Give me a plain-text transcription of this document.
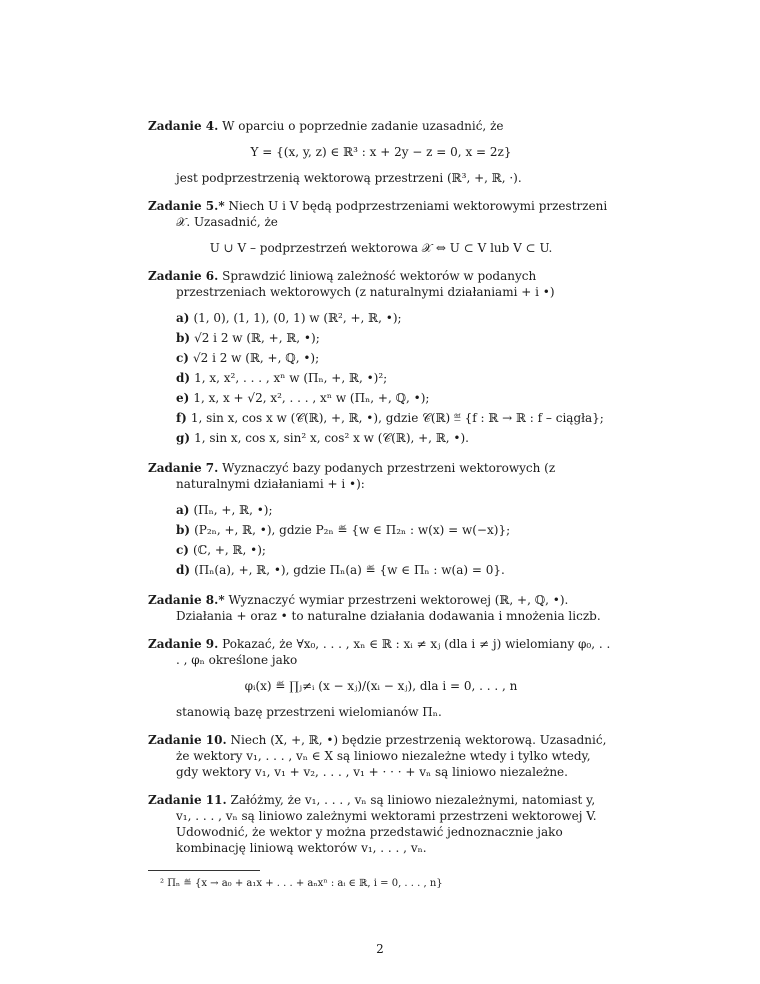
Zadanie 4. W oparciu o poprzednie zadanie uzasadnić, że
Y = {(x, y, z) ∈ ℝ³ : x + 2y − z = 0, x = 2z}
jest podprzestrzenią wektorową przestrzeni (ℝ³, +, ℝ, ·).
Zadanie 5.* Niech U i V będą podprzestrzeniami wektorowymi przestrzeni 𝒳. Uzasadnić, że
U ∪ V – podprzestrzeń wektorowa 𝒳 ⇔ U ⊂ V lub V ⊂ U.
Zadanie 6. Sprawdzić liniową zależność wektorów w podanych przestrzeniach wektorowych (z naturalnymi działaniami + i •)
a) (1, 0), (1, 1), (0, 1) w (ℝ², +, ℝ, •);
b) √2 i 2 w (ℝ, +, ℝ, •);
c) √2 i 2 w (ℝ, +, ℚ, •);
d) 1, x, x², . . . , xⁿ w (Πₙ, +, ℝ, •)²;
e) 1, x, x + √2, x², . . . , xⁿ w (Πₙ, +, ℚ, •);
f) 1, sin x, cos x w (𝒞(ℝ), +, ℝ, •), gdzie 𝒞(ℝ) ≝ {f : ℝ → ℝ : f – ciągła};
g) 1, sin x, cos x, sin² x, cos² x w (𝒞(ℝ), +, ℝ, •).
Zadanie 7. Wyznaczyć bazy podanych przestrzeni wektorowych (z naturalnymi działaniami + i •):
a) (Πₙ, +, ℝ, •);
b) (P₂ₙ, +, ℝ, •), gdzie P₂ₙ ≝ {w ∈ Π₂ₙ : w(x) = w(−x)};
c) (ℂ, +, ℝ, •);
d) (Πₙ(a), +, ℝ, •), gdzie Πₙ(a) ≝ {w ∈ Πₙ : w(a) = 0}.
Zadanie 8.* Wyznaczyć wymiar przestrzeni wektorowej (ℝ, +, ℚ, •). Działania + oraz • to naturalne działania dodawania i mnożenia liczb.
Zadanie 9. Pokazać, że ∀x₀, . . . , xₙ ∈ ℝ : xᵢ ≠ xⱼ (dla i ≠ j) wielomiany φ₀, . . . , φₙ określone jako
φᵢ(x) ≝ ∏ⱼ≠ᵢ (x − xⱼ)/(xᵢ − xⱼ), dla i = 0, . . . , n
stanowią bazę przestrzeni wielomianów Πₙ.
Zadanie 10. Niech (X, +, ℝ, •) będzie przestrzenią wektorową. Uzasadnić, że wektory v₁, . . . , vₙ ∈ X są liniowo niezależne wtedy i tylko wtedy, gdy wektory v₁, v₁ + v₂, . . . , v₁ + · · · + vₙ są liniowo niezależne.
Zadanie 11. Załóżmy, że v₁, . . . , vₙ są liniowo niezależnymi, natomiast y, v₁, . . . , vₙ są liniowo zależnymi wektorami przestrzeni wektorowej V. Udowodnić, że wektor y można przedstawić jednoznacznie jako kombinację liniową wektorów v₁, . . . , vₙ.
² Πₙ ≝ {x → a₀ + a₁x + . . . + aₙxⁿ : aᵢ ∈ ℝ, i = 0, . . . , n}
2
